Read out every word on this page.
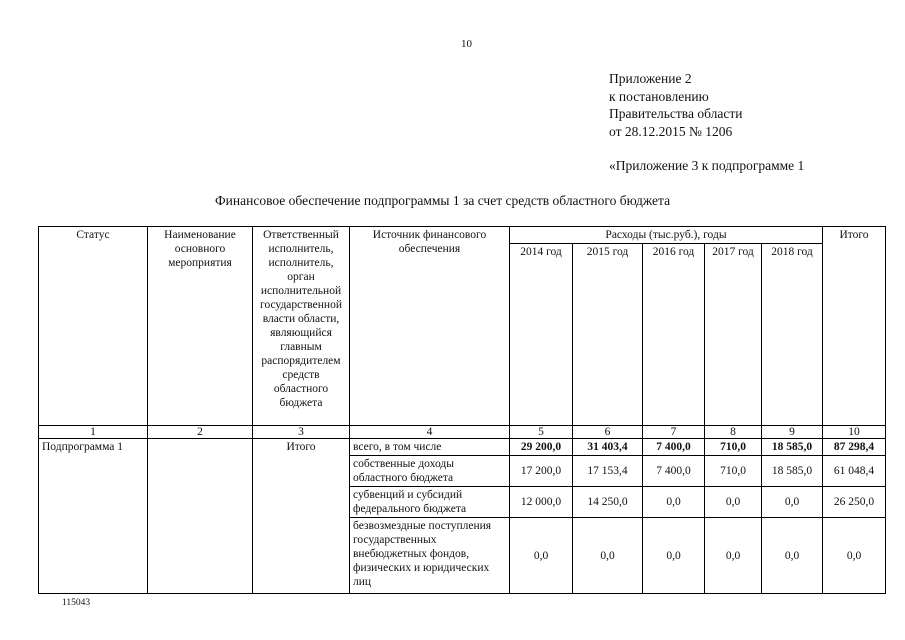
10
Приложение 2
к постановлению
Правительства области
от 28.12.2015 № 1206
«Приложение 3 к подпрограмме 1
Финансовое обеспечение подпрограммы 1 за счет средств областного бюджета
Статус	Наименование основного мероприятия	Ответственный исполнитель, исполнитель, орган исполнительной государственной власти области, являющийся главным распорядителем средств областного бюджета	Источник финансового обеспечения	Расходы (тыс.руб.), годы					Итого
				2014 год	2015 год	2016 год	2017 год	2018 год	
1	2	3	4	5	6	7	8	9	10
Подпрограмма 1		Итого	всего, в том числе	29 200,0	31 403,4	7 400,0	710,0	18 585,0	87 298,4
			собственные доходы областного бюджета	17 200,0	17 153,4	7 400,0	710,0	18 585,0	61 048,4
			субвенций и субсидий федерального бюджета	12 000,0	14 250,0	0,0	0,0	0,0	26 250,0
			безвозмездные поступления государственных внебюджетных фондов, физических и юридических лиц	0,0	0,0	0,0	0,0	0,0	0,0
115043
